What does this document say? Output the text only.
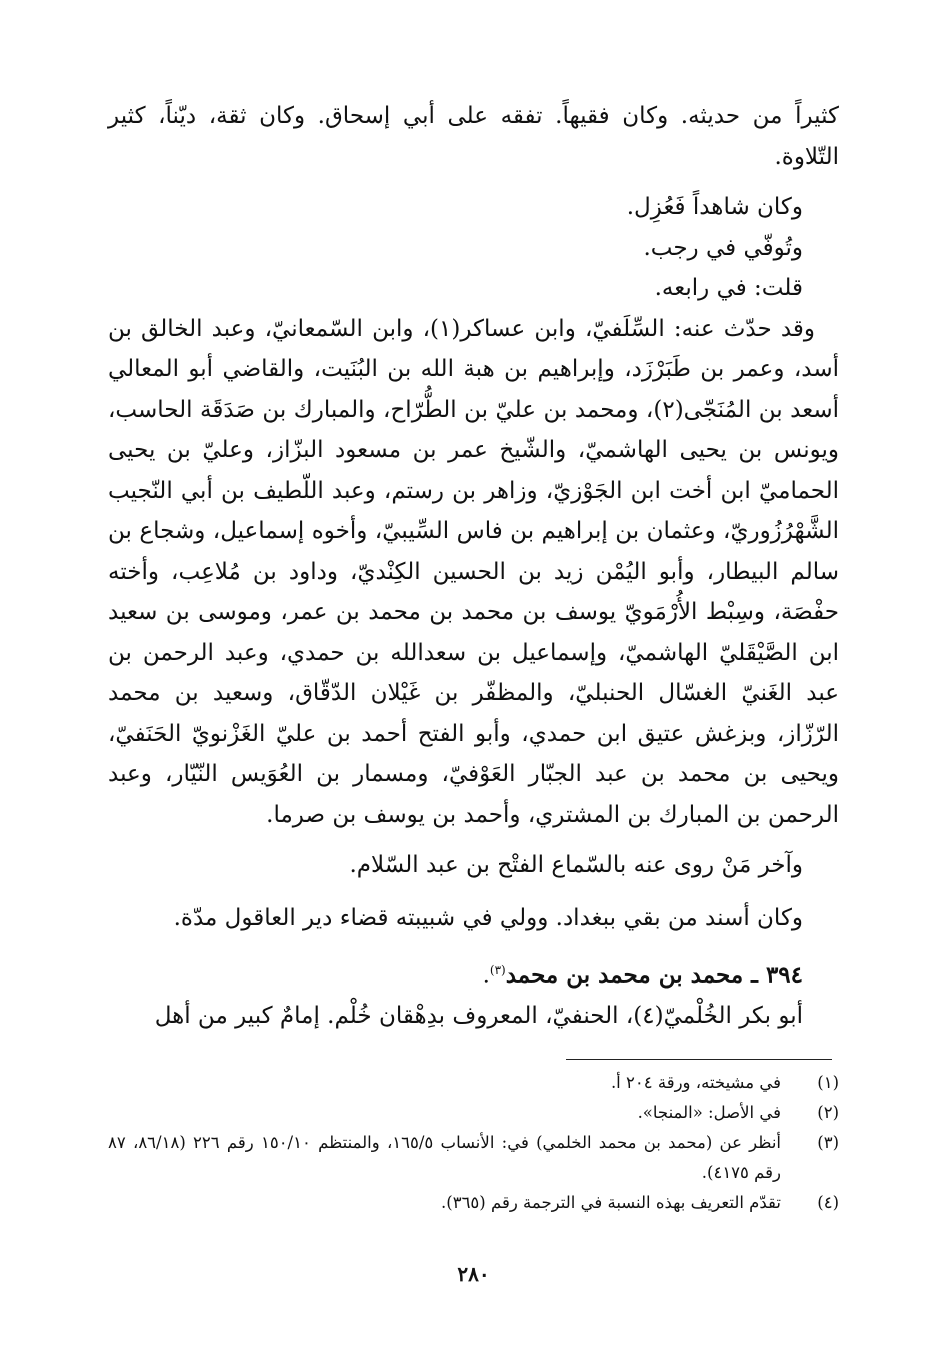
كثيراً من حديثه. وكان فقيهاً. تفقه على أبي إسحاق. وكان ثقة، ديّناً، كثير التّلاوة.

وكان شاهداً فَعُزِل.

وتُوفّي في رجب.

قلت: في رابعه.

وقد حدّث عنه: السِّلَفيّ، وابن عساكر(١)، وابن السّمعانيّ، وعبد الخالق بن أسد، وعمر بن طَبَرْزَد، وإبراهيم بن هبة الله بن البُنَيت، والقاضي أبو المعالي أسعد بن المُنَجّى(٢)، ومحمد بن عليّ بن الطُّرّاح، والمبارك بن صَدَقَة الحاسب، ويونس بن يحيى الهاشميّ، والشّيخ عمر بن مسعود البزّاز، وعليّ بن يحيى الحماميّ ابن أخت ابن الجَوْزيّ، وزاهر بن رستم، وعبد اللّطيف بن أبي النّجيب الشَّهْرُزُوريّ، وعثمان بن إبراهيم بن فاس السِّيبيّ، وأخوه إسماعيل، وشجاع بن سالم البيطار، وأبو اليُمْن زيد بن الحسين الكِنْديّ، وداود بن مُلاعِب، وأخته حفْصَة، وسِبْط الأُرْمَويّ يوسف بن محمد بن محمد بن عمر، وموسى بن سعيد ابن الصَّيْقَليّ الهاشميّ، وإسماعيل بن سعدالله بن حمدي، وعبد الرحمن بن عبد الغَنيّ الغسّال الحنبليّ، والمظفّر بن غَيْلان الدّقّاق، وسعيد بن محمد الرّزّاز، وبزغش عتيق ابن حمدي، وأبو الفتح أحمد بن عليّ الغَزْنويّ الحَنَفيّ، ويحيى بن محمد بن عبد الجبّار العَوْفيّ، ومسمار بن العُوَيس النّيّار، وعبد الرحمن بن المبارك بن المشتري، وأحمد بن يوسف بن صرما.

وآخر مَنْ روى عنه بالسّماع الفتْح بن عبد السّلام.

وكان أسند من بقي ببغداد. وولي في شبيبته قضاء دير العاقول مدّة.

٣٩٤ ـ محمد بن محمد بن محمد$^{(٣)}$.

أبو بكر الخُلْميّ(٤)، الحنفيّ، المعروف بدِهْقان خُلْم. إمامٌ كبير من أهل

(١)
في مشيخته، ورقة ٢٠٤ أ.
(٢)
في الأصل: «المنجا».
(٣)
أنظر عن (محمد بن محمد الخلمي) في: الأنساب ١٦٥/٥، والمنتظم ١٥٠/١٠ رقم ٢٢٦ (٨٦/١٨، ٨٧ رقم ٤١٧٥).
(٤)
تقدّم التعريف بهذه النسبة في الترجمة رقم (٣٦٥).
٢٨٠
